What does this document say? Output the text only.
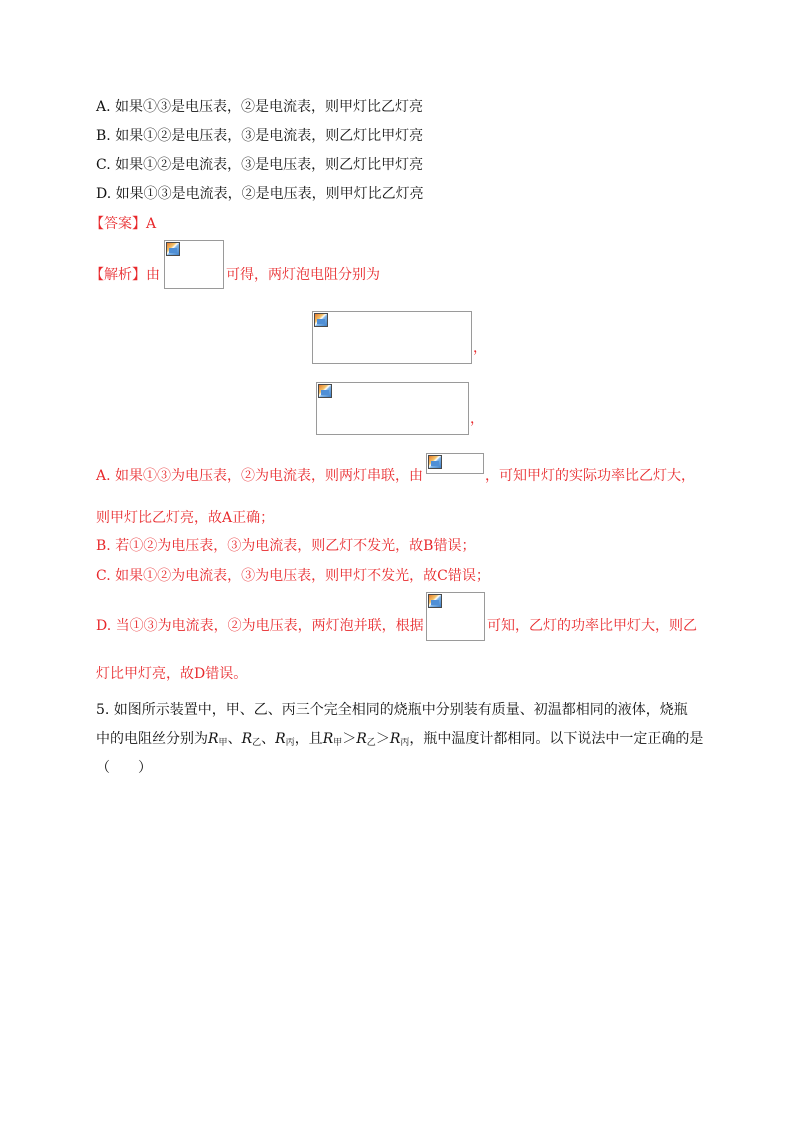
A. 如果①③是电压表，②是电流表，则甲灯比乙灯亮
B. 如果①②是电压表，③是电流表，则乙灯比甲灯亮
C. 如果①②是电流表，③是电压表，则乙灯比甲灯亮
D. 如果①③是电流表，②是电压表，则甲灯比乙灯亮
【答案】A
【解析】由	可得，两灯泡电阻分别为
，
，
A. 如果①③为电压表，②为电流表，则两灯串联，由	，可知甲灯的实际功率比乙灯大，
则甲灯比乙灯亮，故A正确；
B. 若①②为电压表，③为电流表，则乙灯不发光，故B错误；
C. 如果①②为电流表，③为电压表，则甲灯不发光，故C错误；
D. 当①③为电流表，②为电压表，两灯泡并联，根据	可知，乙灯的功率比甲灯大，则乙
灯比甲灯亮，故D错误。
5. 如图所示装置中，甲、乙、丙三个完全相同的烧瓶中分别装有质量、初温都相同的液体，烧瓶
中的电阻丝分别为$R_甲$、$R_乙$、$R_丙$，且$R_甲>R_乙>R_丙$，瓶中温度计都相同。以下说法中一定正确的是
（　　）
